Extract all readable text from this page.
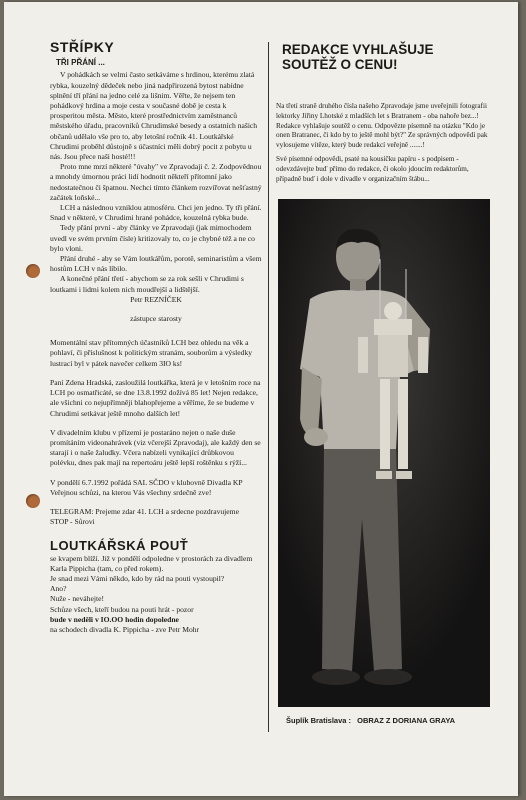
STŘÍPKY
TŘI PŘÁNÍ ...

V pohádkách se velmi často setkáváme s hrdinou, kterému zlatá rybka, kouzelný dědeček nebo jiná nadpřirozená bytost nabídne splnění tří přání na jedno celé za lišnim. Věřte, že nejsem ten pohádkový hrdina a moje cesta v současné době je cesta k prosperitou města. Město, které prostřednictvím zaměstnanců městského úřadu, pracovníků Chrudimské besedy a ostatních našich občanů udělalo vše pro to, aby letošní ročník 41. Loutkářské Chrudimi proběhl důstojně s účastníci měli dobrý pocit z pobytu u nás. Jsou přece naši hosté!!!

Proto mne mrzí některé "úvahy" ve Zpravodaji č. 2. Zodpovědnou a mnohdy úmornou práci lidí hodnotit někteří přítomní jako nedostatečnou či špatnou. Nechci tímto článkem rozvířovat nešťastný začátek loňské...

LCH a následnou vzniklou atmosféru. Chci jen jedno. Ty tři přání. Snad v některé, v Chrudimi hrané pohádce, kouzelná rybka bude.

Tedy přání první - aby články ve Zpravodaji (jak mimochodem uvedl ve svém prvním čísle) kritizovaly to, co je chybné též a ne co bylo vloni.

Přání druhé - aby se Vám loutkářům, porotě, seminaristům a všem hostům LCH v nás líbilo.

A konečné přání třetí - abychom se za rok sešli v Chrudimi s loutkami i lidmi kolem nich moudřejší a lidštější.

Petr REZNÍČEK

zástupce starosty

Momentální stav přítomných účastníků LCH bez ohledu na věk a pohlaví, či příslušnost k politickým stranám, souborům a výsledky lustrací byl v pátek navečer celkem 3IO ks!

Paní Zdena Hradská, zasloužilá loutkářka, která je v letošním roce na LCH po osmatřicáté, se dne 13.8.1992 dožívá 85 let! Nejen redakce, ale všichni co nejupřímněji blahopřejeme a věříme, že se budeme v Chrudimi setkávat ještě mnoho dalších let!

V divadelním klubu v přízemí je postaráno nejen o naše duše promítáním videonahrávek (viz včerejší Zpravodaj), ale každý den se starají i o naše žaludky. Včera nabízeli vynikající drůbkovou polévku, dnes pak mají na repertoáru ještě lepší roštěnku s rýží...

V pondělí 6.7.1992 pořádá SAL SČDO v klubovně Divadla KP Veřejnou schůzi, na kterou Vás všechny srdečně zve!

TELEGRAM: Prejeme zdar 41. LCH a srdecne pozdravujeme

STOP - Sůrovi

LOUTKÁŘSKÁ POUŤ

se kvapem blíží. Již v pondělí odpoledne v prostorách za divadlem Karla Pippicha (tam, co před rokem).

Je snad mezi Vámi někdo, kdo by rád na pouti vystoupil?

Ano?

Nuže - neváhejte!

Schůze všech, kteří budou na pouti hrát - pozor

bude v neděli v IO.OO hodin dopoledne

na schodech divadla K. Pippicha - zve Petr Mohr

REDAKCE VYHLAŠUJE SOUTĚŽ O CENU!

Na třetí straně druhého čísla našeho Zpravodaje jsme uveřejnili fotografii lektorky Jiřiny Lhotské z mladších let s Bratranem - oba nahoře bez...! Redakce vyhlašuje soutěž o cenu. Odpovězte písemně na otázku "Kdo je onen Bratranec, či kdo by to ještě mohl být?" Ze správných odpovědí pak vylosujeme vítěze, který bude redakcí veřejně .......!

Své písemné odpovědi, psaté na kousíčku papíru - s podpisem - odevzdávejte buď přímo do redakce, či okolo jdoucím redaktorům, případně buď i dole v divadle v organizačním štábu...

Šuplík Bratislava : OBRAZ Z DORIANA GRAYA
